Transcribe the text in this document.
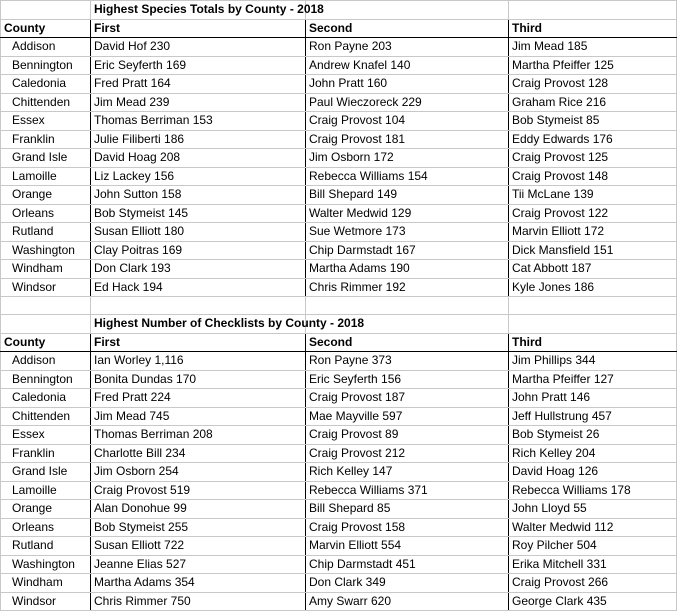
	Highest Species Totals by County - 2018		
County	First	Second	Third
Addison	David Hof 230	Ron Payne 203	Jim Mead 185
Bennington	Eric Seyferth 169	Andrew Knafel 140	Martha Pfeiffer 125
Caledonia	Fred Pratt 164	John Pratt 160	Craig Provost 128
Chittenden	Jim Mead 239	Paul Wieczoreck 229	Graham Rice 216
Essex	Thomas Berriman 153	Craig Provost 104	Bob Stymeist 85
Franklin	Julie Filiberti 186	Craig Provost 181	Eddy Edwards 176
Grand Isle	David Hoag 208	Jim Osborn 172	Craig Provost 125
Lamoille	Liz Lackey 156	Rebecca Williams 154	Craig Provost 148
Orange	John Sutton 158	Bill Shepard 149	Tii McLane 139
Orleans	Bob Stymeist 145	Walter Medwid 129	Craig Provost 122
Rutland	Susan Elliott 180	Sue Wetmore 173	Marvin Elliott 172
Washington	Clay Poitras 169	Chip Darmstadt 167	Dick Mansfield 151
Windham	Don Clark 193	Martha Adams 190	Cat Abbott 187
Windsor	Ed Hack 194	Chris Rimmer 192	Kyle Jones 186

	Highest Number of Checklists by County - 2018		
County	First	Second	Third
Addison	Ian Worley 1,116	Ron Payne 373	Jim Phillips 344
Bennington	Bonita Dundas 170	Eric Seyferth 156	Martha Pfeiffer 127
Caledonia	Fred Pratt 224	Craig Provost 187	John Pratt 146
Chittenden	Jim Mead 745	Mae Mayville 597	Jeff Hullstrung 457
Essex	Thomas Berriman 208	Craig Provost 89	Bob Stymeist 26
Franklin	Charlotte Bill 234	Craig Provost 212	Rich Kelley 204
Grand Isle	Jim Osborn 254	Rich Kelley 147	David Hoag 126
Lamoille	Craig Provost 519	Rebecca Williams 371	Rebecca Williams 178
Orange	Alan Donohue 99	Bill Shepard 85	John Lloyd 55
Orleans	Bob Stymeist 255	Craig Provost 158	Walter Medwid 112
Rutland	Susan Elliott 722	Marvin Elliott 554	Roy Pilcher 504
Washington	Jeanne Elias 527	Chip Darmstadt 451	Erika Mitchell 331
Windham	Martha Adams 354	Don Clark 349	Craig Provost 266
Windsor	Chris Rimmer 750	Amy Swarr 620	George Clark 435
